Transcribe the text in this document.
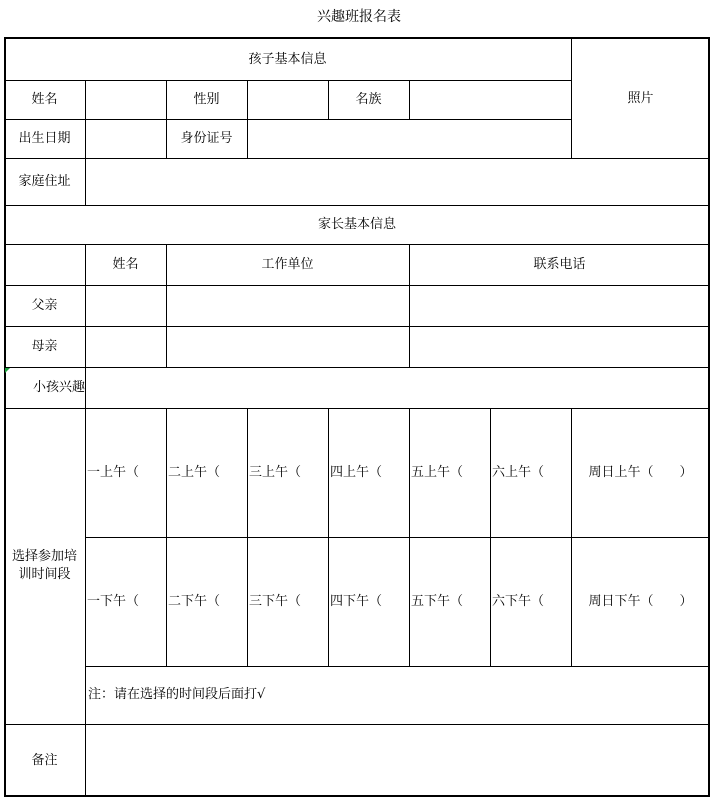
兴趣班报名表
孩子基本信息
照片
姓名	性别	名族
出生日期	身份证号
家庭住址
家长基本信息
姓名	工作单位	联系电话
父亲
母亲
小孩兴趣
选择参加培训时间段
一上午（	二上午（	三上午（	四上午（	五上午（	六上午（	周日上午（　　）
一下午（	二下午（	三下午（	四下午（	五下午（	六下午（	周日下午（　　）
注：请在选择的时间段后面打√
备注
